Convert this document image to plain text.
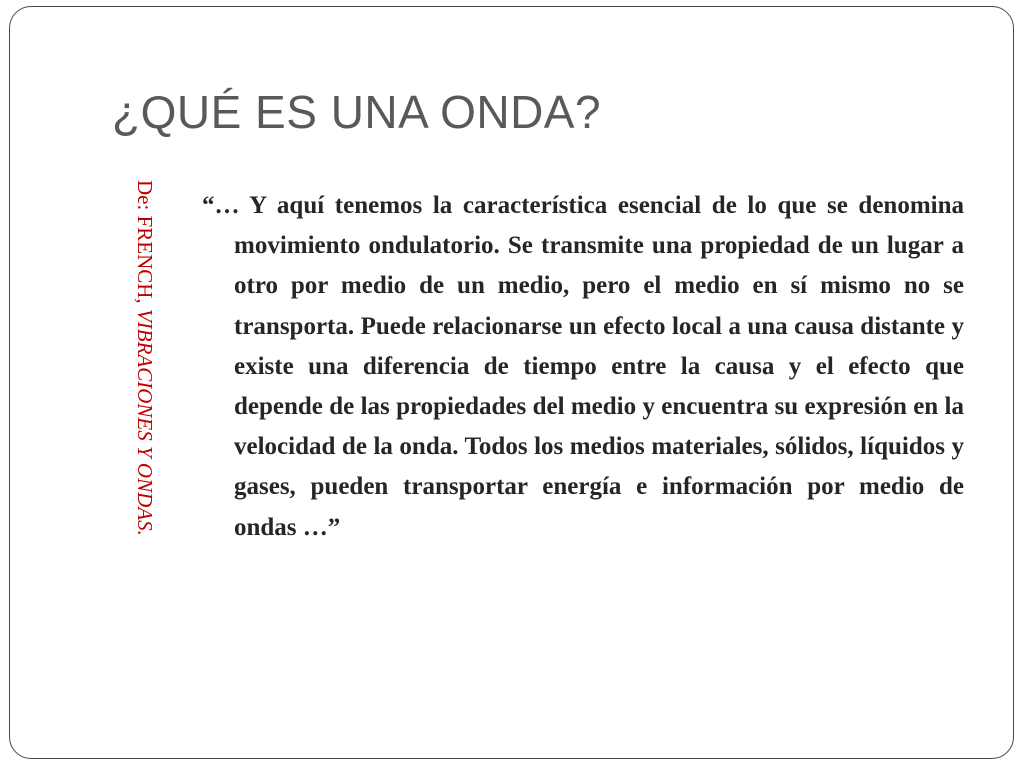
¿QUÉ ES UNA ONDA?
De: FRENCH, VIBRACIONES Y ONDAS.

“… Y aquí tenemos la característica esencial de lo que se denomina movimiento ondulatorio. Se transmite una propiedad de un lugar a otro por medio de un medio, pero el medio en sí mismo no se transporta. Puede relacionarse un efecto local a una causa distante y existe una diferencia de tiempo entre la causa y el efecto que depende de las propiedades del medio y encuentra su expresión en la velocidad de la onda. Todos los medios materiales, sólidos, líquidos y gases, pueden transportar energía e información por medio de ondas …”
